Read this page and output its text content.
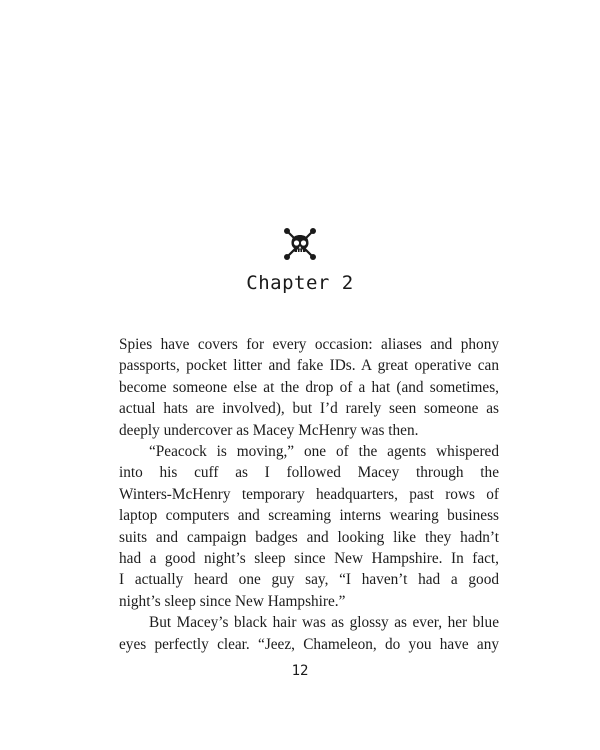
Chapter 2
Spies have covers for every occasion: aliases and phony
passports, pocket litter and fake IDs. A great operative can
become someone else at the drop of a hat (and sometimes,
actual hats are involved), but I’d rarely seen someone as
deeply undercover as Macey McHenry was then.
“Peacock is moving,” one of the agents whispered
into his cuff as I followed Macey through the
Winters-McHenry temporary headquarters, past rows of
laptop computers and screaming interns wearing business
suits and campaign badges and looking like they hadn’t
had a good night’s sleep since New Hampshire. In fact,
I actually heard one guy say, “I haven’t had a good
night’s sleep since New Hampshire.”
But Macey’s black hair was as glossy as ever, her blue
eyes perfectly clear. “Jeez, Chameleon, do you have any
12
